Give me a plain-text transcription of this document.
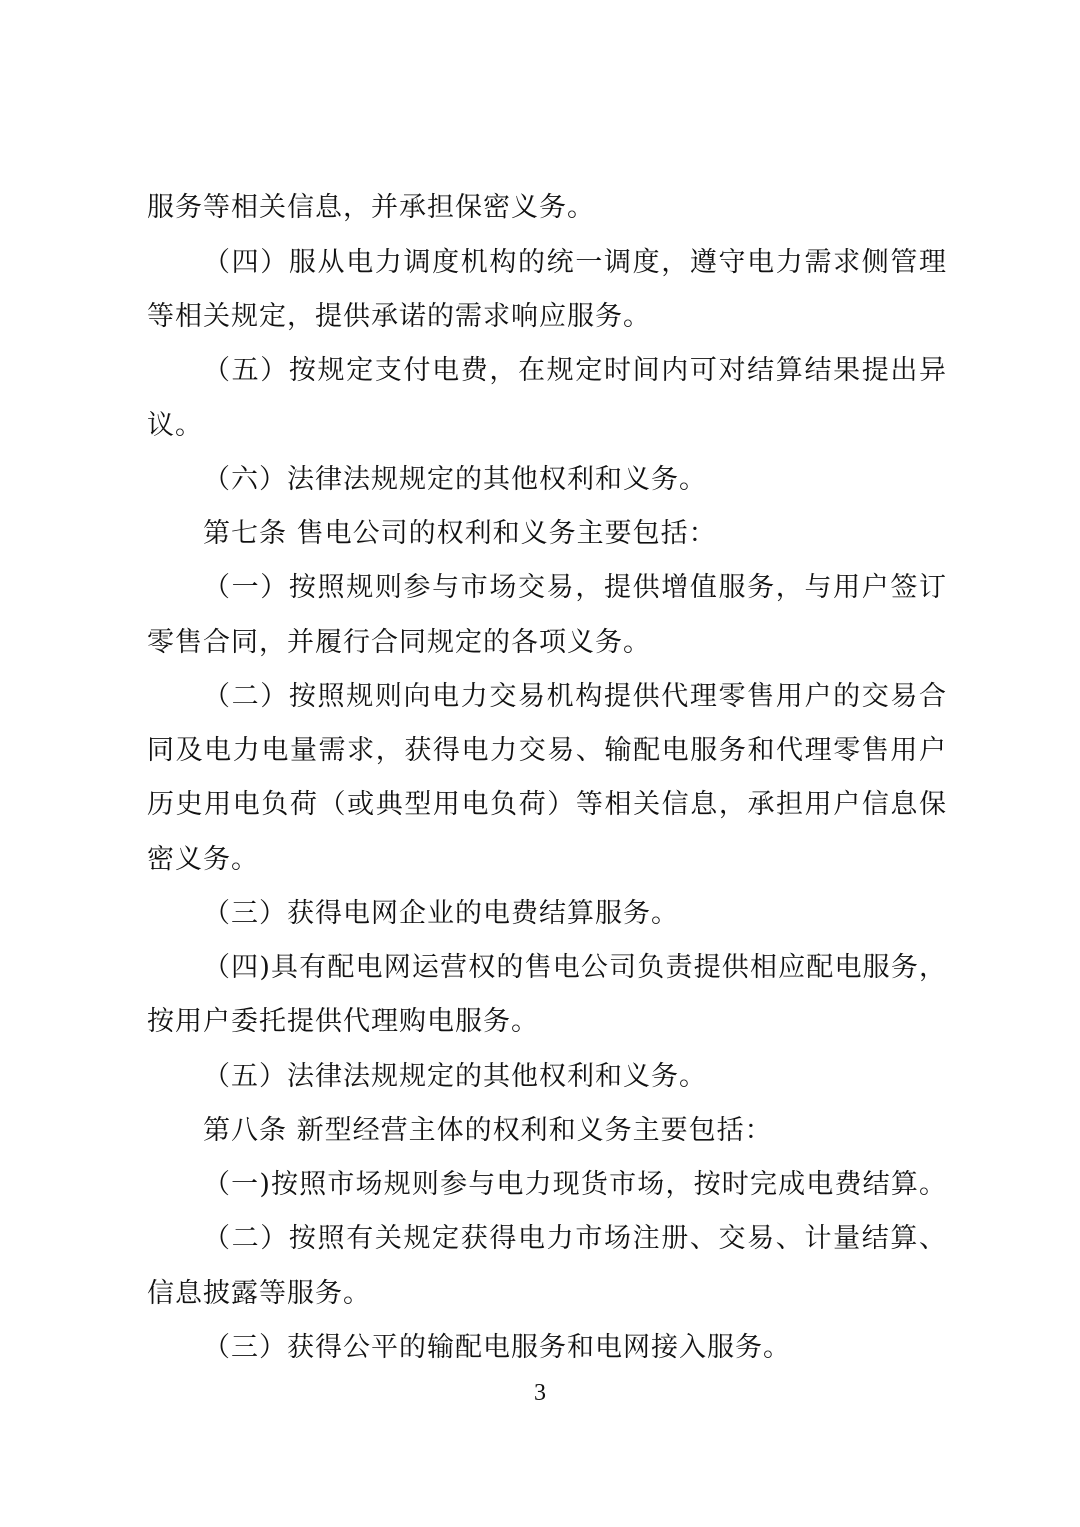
服务等相关信息，并承担保密义务。
（四）服从电力调度机构的统一调度，遵守电力需求侧管理
等相关规定，提供承诺的需求响应服务。
（五）按规定支付电费，在规定时间内可对结算结果提出异
议。
（六）法律法规规定的其他权利和义务。
第七条 售电公司的权利和义务主要包括：
（一）按照规则参与市场交易，提供增值服务，与用户签订
零售合同，并履行合同规定的各项义务。
（二）按照规则向电力交易机构提供代理零售用户的交易合
同及电力电量需求，获得电力交易、输配电服务和代理零售用户
历史用电负荷（或典型用电负荷）等相关信息，承担用户信息保
密义务。
（三）获得电网企业的电费结算服务。
（四)具有配电网运营权的售电公司负责提供相应配电服务，
按用户委托提供代理购电服务。
（五）法律法规规定的其他权利和义务。
第八条 新型经营主体的权利和义务主要包括：
（一)按照市场规则参与电力现货市场，按时完成电费结算。
（二）按照有关规定获得电力市场注册、交易、计量结算、
信息披露等服务。
（三）获得公平的输配电服务和电网接入服务。
3
